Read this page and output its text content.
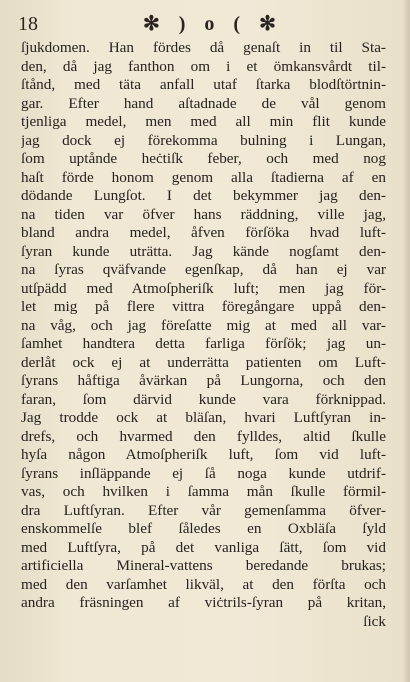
18	✻ ) o ( ✻
ſjukdomen. Han fördes då genaſt in til Sta-
den, då jag fanthon om i et ömkansvårdt til-
ſtånd, med täta anfall utaf ſtarka blodſtörtnin-
gar. Efter hand aſtadnade de vål genom
tjenliga medel, men med all min flit kunde
jag dock ej förekomma bulning i Lungan,
ſom uptånde heċtiſk feber, och med nog
haſt förde honom genom alla ſtadierna af en
dödande Lungſot. I det bekymmer jag den-
na tiden var öfver hans räddning, ville jag,
bland andra medel, åfven förſöka hvad luft-
ſyran kunde uträtta. Jag kände nogſamt den-
na ſyras qväfvande egenſkap, då han ej var
utſpädd med Atmoſpheriſk luft; men jag för-
let mig på flere vittra föregångare uppå den-
na våg, och jag föreſatte mig at med all var-
ſamhet handtera detta farliga förſök; jag un-
derlåt ock ej at underrätta patienten om Luft-
ſyrans håftiga åvärkan på Lungorna, och den
faran, ſom därvid kunde vara förknippad.
Jag trodde ock at bläſan, hvari Luftſyran in-
drefs, och hvarmed den fylldes, altid ſkulle
hyſa någon Atmoſpheriſk luft, ſom vid luft-
ſyrans inſläppande ej ſå noga kunde utdrif-
vas, och hvilken i ſamma mån ſkulle förmil-
dra Luftſyran. Efter vår gemenſamma öfver-
enskommelſe blef ſåledes en Oxbläſa ſyld
med Luftſyra, på det vanliga ſätt, ſom vid
artificiella Mineral-vattens beredande brukas;
med den varſamhet likväl, at den förſta och
andra fräsningen af viċtrils-ſyran på kritan,
ſick
